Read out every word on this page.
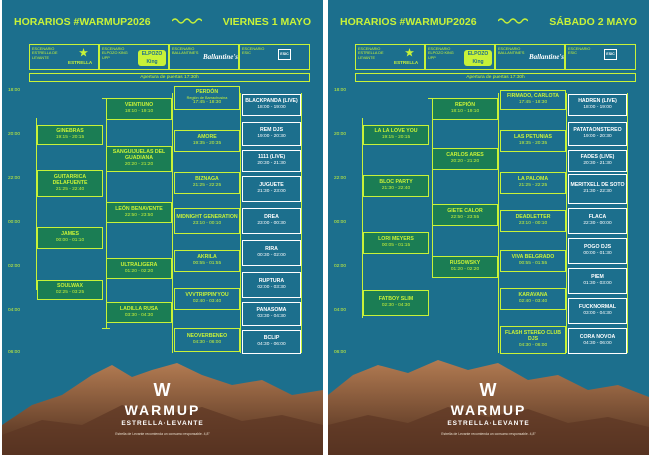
HORARIOS #WARMUP2026	VIERNES 1 MAYO
ESCENARIO ESTRELLA DE LEVANTE
ESTRELLA
ESCENARIO ELPOZO KING UPP
ELPOZO King
ESCENARIO BALLANTINE'S Ballantine's
ESCENARIO ESIC	ESIC
Apertura de puertas 17:30h
18:00
20:00
22:00
00:00
02:00
04:00
06:00
GINEBRAS
19:15 - 20:15
GUITARRICA DELAFUENTE
21:25 - 22:40
JAMES
00:00 - 01:10
SOULWAX
02:25 - 03:25
VEINTIUNO
18:10 - 19:10
SANGUIJUELAS DEL GUADIANA
20:20 - 21:20
LEÓN BENAVENTE
22:50 - 23:50
ULTRALIGERA
01:20 - 02:20
LADILLA RUSA
03:30 - 04:30
PERDÓN
Región de Barrachusina
17:45 - 18:30
AMORE
19:35 - 20:35
BIZNAGA
21:25 - 22:25
MIDNIGHT GENERATION
23:10 - 00:10
AKRILA
00:55 - 01:55
VVVTRIPPIN'YOU
02:40 - 03:40
NEOVERBENEO
04:30 - 06:00
BLACKPANDA (LIVE)
18:00 - 19:00
REM DJS
19:00 - 20:30
1111 (LIVE)
20:30 - 21:30
JUGUETE
21:30 - 23:00
DREA
23:00 - 00:30
RIRA
00:30 - 02:00
RUPTURA
02:00 - 03:30
PANASOMA
03:30 - 04:30
BCLIP
04:30 - 06:00
W
WARMUP
ESTRELLA·LEVANTE
Estrella de Levante recomienda un consumo responsable. 4,8°
HORARIOS #WARMUP2026	SÁBADO 2 MAYO
ESCENARIO ESTRELLA DE LEVANTE
ESTRELLA
ESCENARIO ELPOZO KING UPP
ELPOZO King
ESCENARIO BALLANTINE'S Ballantine's
ESCENARIO ESIC	ESIC
Apertura de puertas 17:30h
18:00
20:00
22:00
00:00
02:00
04:00
06:00
LA LA LOVE YOU
19:15 - 20:15
BLOC PARTY
21:30 - 22:40
LORI MEYERS
00:05 - 01:15
FATBOY SLIM
02:30 - 04:30
REPIÓN
18:10 - 19:10
CARLOS ARES
20:20 - 21:20
GIETE CALOR
22:50 - 23:55
RUSOWSKY
01:20 - 02:20
FIRMADO, CARLOTA
17:45 - 18:30
LAS PETUNIAS
19:35 - 20:35
LA PALOMA
21:25 - 22:25
DEADLETTER
23:10 - 00:10
VIVA BELGRADO
00:55 - 01:55
KARAVANA
02:40 - 03:40
FLASH STEREO CLUB DJS
04:30 - 06:00
HADREN (LIVE)
18:00 - 19:00
PATATAONSTEREO
19:00 - 20:30
FADES (LIVE)
20:30 - 21:30
MERITXELL DE SOTO
21:30 - 22:30
FLACA
22:30 - 00:00
POGO DJS
00:00 - 01:30
PIEM
01:30 - 03:00
FUCKNORMAL
03:00 - 04:30
CORA NOVOA
04:30 - 06:00
W
WARMUP
ESTRELLA·LEVANTE
Estrella de Levante recomienda un consumo responsable. 4,8°
